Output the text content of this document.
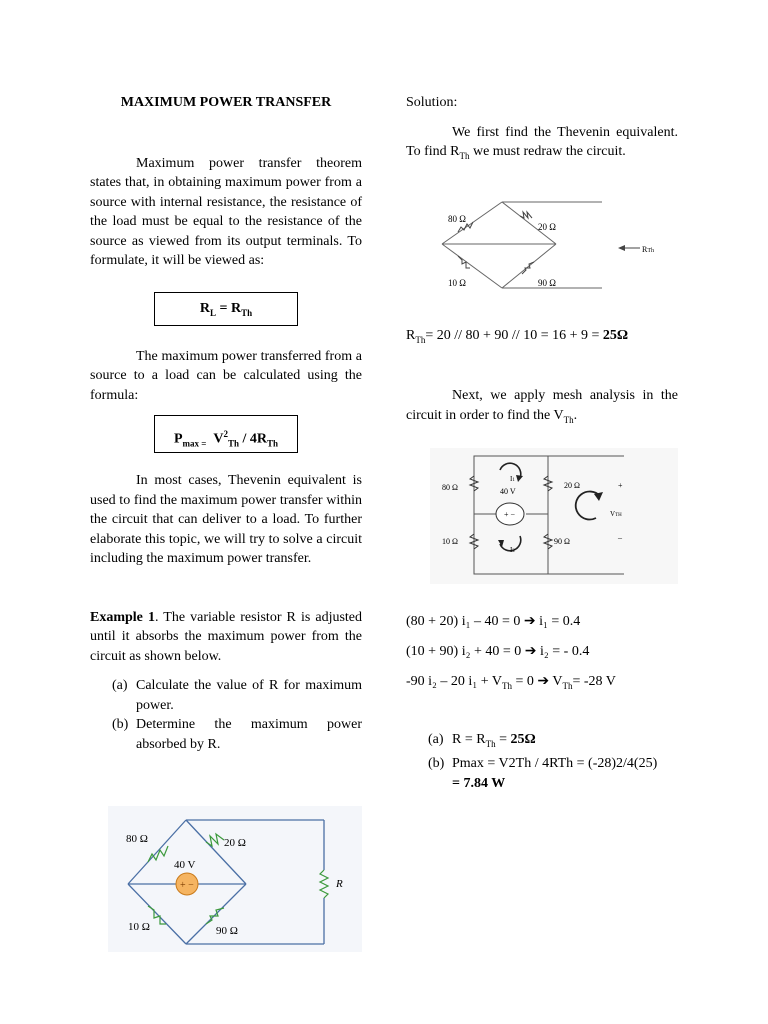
MAXIMUM POWER TRANSFER

Maximum power transfer theorem states that, in obtaining maximum power from a source with internal resistance, the resistance of the load must be equal to the resistance of the source as viewed from its output terminals. To formulate, it will be viewed as:

$R_L = R_{Th}$

The maximum power transferred from a source to a load can be calculated using the formula:

$P_{max =}$ $V^2_{Th} / 4R_{Th}$

In most cases, Thevenin equivalent is used to find the maximum power transfer within the circuit that can deliver to a load. To further elaborate this topic, we will try to solve a circuit including the maximum power transfer.

Example 1. The variable resistor R is adjusted until it absorbs the maximum power from the circuit as shown below.

(a) Calculate the value of R for maximum power.
(b) Determine the maximum power absorbed by R.
+ −
80 Ω	20 Ω
10 Ω	90 Ω
40 V
R

Solution:

We first find the Thevenin equivalent. To find $R_{Th}$ we must redraw the circuit.

80 Ω
20 Ω
10 Ω	90 Ω
RTh

$R_{Th}= 20 // 80 + 90 // 10 = 16 + 9 = 25\Omega$

Next, we apply mesh analysis in the circuit in order to find the $V_{Th}$.

+ −
80 Ω	20 Ω
10 Ω	90 Ω
40 V
I1
I2
+
–
VTH

(80 + 20) i₁ – 40 = 0 ➔ i₁ = 0.4

(10 + 90) i₂ + 40 = 0 ➔ i₂ = - 0.4

-90 i₂ – 20 $i_1 + V_{Th} = 0$ ➔ $V_{Th}= -28$ V

(a) $R = R_{Th} = 25\Omega$
(b) Pmax = V2Th / 4RTh = (-28)2/4(25)
= 7.84 W
